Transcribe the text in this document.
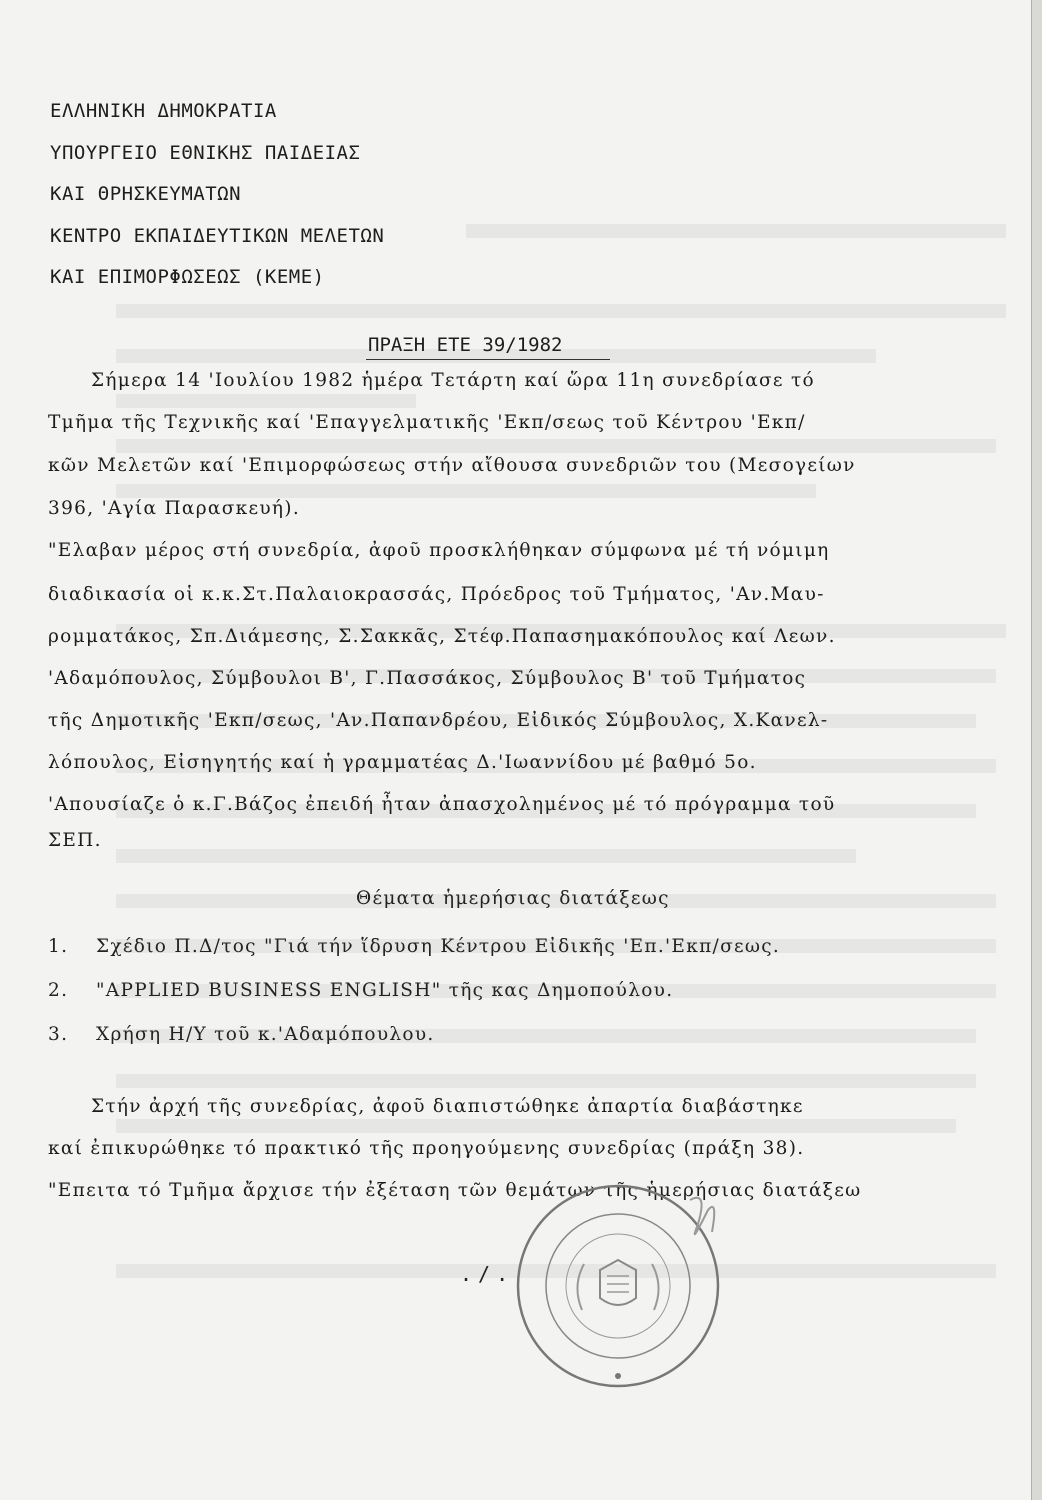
ΕΛΛΗΝΙΚΗ ΔΗΜΟΚΡΑΤΙΑ
ΥΠΟΥΡΓΕΙΟ ΕΘΝΙΚΗΣ ΠΑΙΔΕΙΑΣ
ΚΑΙ ΘΡΗΣΚΕΥΜΑΤΩΝ
ΚΕΝΤΡΟ ΕΚΠΑΙΔΕΥΤΙΚΩΝ ΜΕΛΕΤΩΝ
ΚΑΙ ΕΠΙΜΟΡΦΩΣΕΩΣ (ΚΕΜΕ)
ΠΡΑΞΗ ΕΤΕ 39/1982
Σήμερα 14 'Ιουλίου 1982 ἡμέρα Τετάρτη καί ὥρα 11η συνεδρίασε τό
Τμῆμα τῆς Τεχνικῆς καί 'Επαγγελματικῆς 'Εκπ/σεως τοῦ Κέντρου 'Εκπ/
κῶν Μελετῶν καί 'Επιμορφώσεως στήν αἴθουσα συνεδριῶν του (Μεσογείων
396, 'Αγία Παρασκευή).
"Ελαβαν μέρος στή συνεδρία, ἀφοῦ προσκλήθηκαν σύμφωνα μέ τή νόμιμη
διαδικασία οἱ κ.κ.Στ.Παλαιοκρασσάς, Πρόεδρος τοῦ Τμήματος, 'Αν.Μαυ-
ρομματάκος, Σπ.Διάμεσης, Σ.Σακκᾶς, Στέφ.Παπασημακόπουλος καί Λεων.
'Αδαμόπουλος, Σύμβουλοι Β', Γ.Πασσάκος, Σύμβουλος Β' τοῦ Τμήματος
τῆς Δημοτικῆς 'Εκπ/σεως, 'Αν.Παπανδρέου, Εἰδικός Σύμβουλος, Χ.Κανελ-
λόπουλος, Εἰσηγητής καί ἡ γραμματέας Δ.'Ιωαννίδου μέ βαθμό 5ο.
'Απουσίαζε ὁ κ.Γ.Βάζος ἐπειδή ἦταν ἀπασχολημένος μέ τό πρόγραμμα τοῦ
ΣΕΠ.
Θέματα ἡμερήσιας διατάξεως
1. Σχέδιο Π.Δ/τος "Γιά τήν ἵδρυση Κέντρου Εἰδικῆς 'Επ.'Εκπ/σεως.
2. "APPLIED BUSINESS ENGLISH" τῆς κας Δημοπούλου.
3. Χρήση Η/Υ τοῦ κ.'Αδαμόπουλου.
Στήν ἀρχή τῆς συνεδρίας, ἀφοῦ διαπιστώθηκε ἀπαρτία διαβάστηκε
καί ἐπικυρώθηκε τό πρακτικό τῆς προηγούμενης συνεδρίας (πράξη 38).
"Επειτα τό Τμῆμα ἄρχισε τήν ἐξέταση τῶν θεμάτων τῆς ἡμερήσιας διατάξεω
./.
